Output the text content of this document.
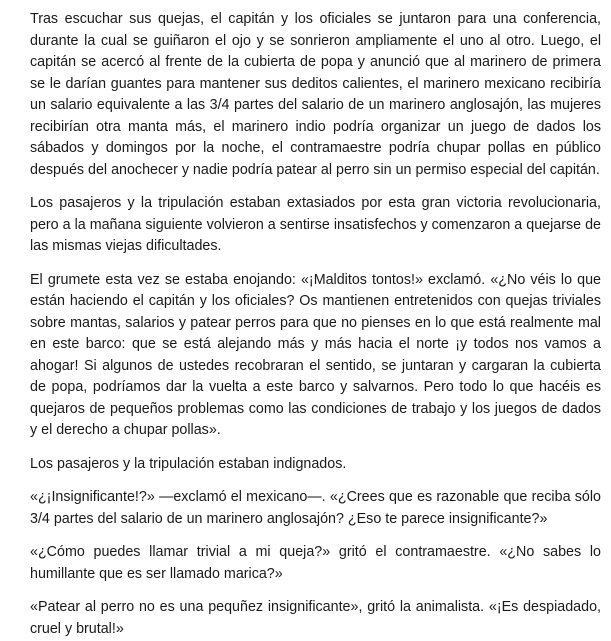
Tras escuchar sus quejas, el capitán y los oficiales se juntaron para una conferencia, durante la cual se guiñaron el ojo y se sonrieron ampliamente el uno al otro. Luego, el capitán se acercó al frente de la cubierta de popa y anunció que al marinero de primera se le darían guantes para mantener sus deditos calientes, el marinero mexicano recibiría un salario equivalente a las 3/4 partes del salario de un marinero anglosajón, las mujeres recibirían otra manta más, el marinero indio podría organizar un juego de dados los sábados y domingos por la noche, el contramaestre podría chupar pollas en público después del anochecer y nadie podría patear al perro sin un permiso especial del capitán.

Los pasajeros y la tripulación estaban extasiados por esta gran victoria revolucionaria, pero a la mañana siguiente volvieron a sentirse insatisfechos y comenzaron a quejarse de las mismas viejas dificultades.

El grumete esta vez se estaba enojando: «¡Malditos tontos!» exclamó. «¿No véis lo que están haciendo el capitán y los oficiales? Os mantienen entretenidos con quejas triviales sobre mantas, salarios y patear perros para que no pienses en lo que está realmente mal en este barco: que se está alejando más y más hacia el norte ¡y todos nos vamos a ahogar! Si algunos de ustedes recobraran el sentido, se juntaran y cargaran la cubierta de popa, podríamos dar la vuelta a este barco y salvarnos. Pero todo lo que hacéis es quejaros de pequeños problemas como las condiciones de trabajo y los juegos de dados y el derecho a chupar pollas».

Los pasajeros y la tripulación estaban indignados.

«¿¡Insignificante!?» —exclamó el mexicano—. «¿Crees que es razonable que reciba sólo 3/4 partes del salario de un marinero anglosajón? ¿Eso te parece insignificante?»

«¿Cómo puedes llamar trivial a mi queja?» gritó el contramaestre. «¿No sabes lo humillante que es ser llamado marica?»

«Patear al perro no es una pequñez insignificante», gritó la animalista. «¡Es despiadado, cruel y brutal!»
